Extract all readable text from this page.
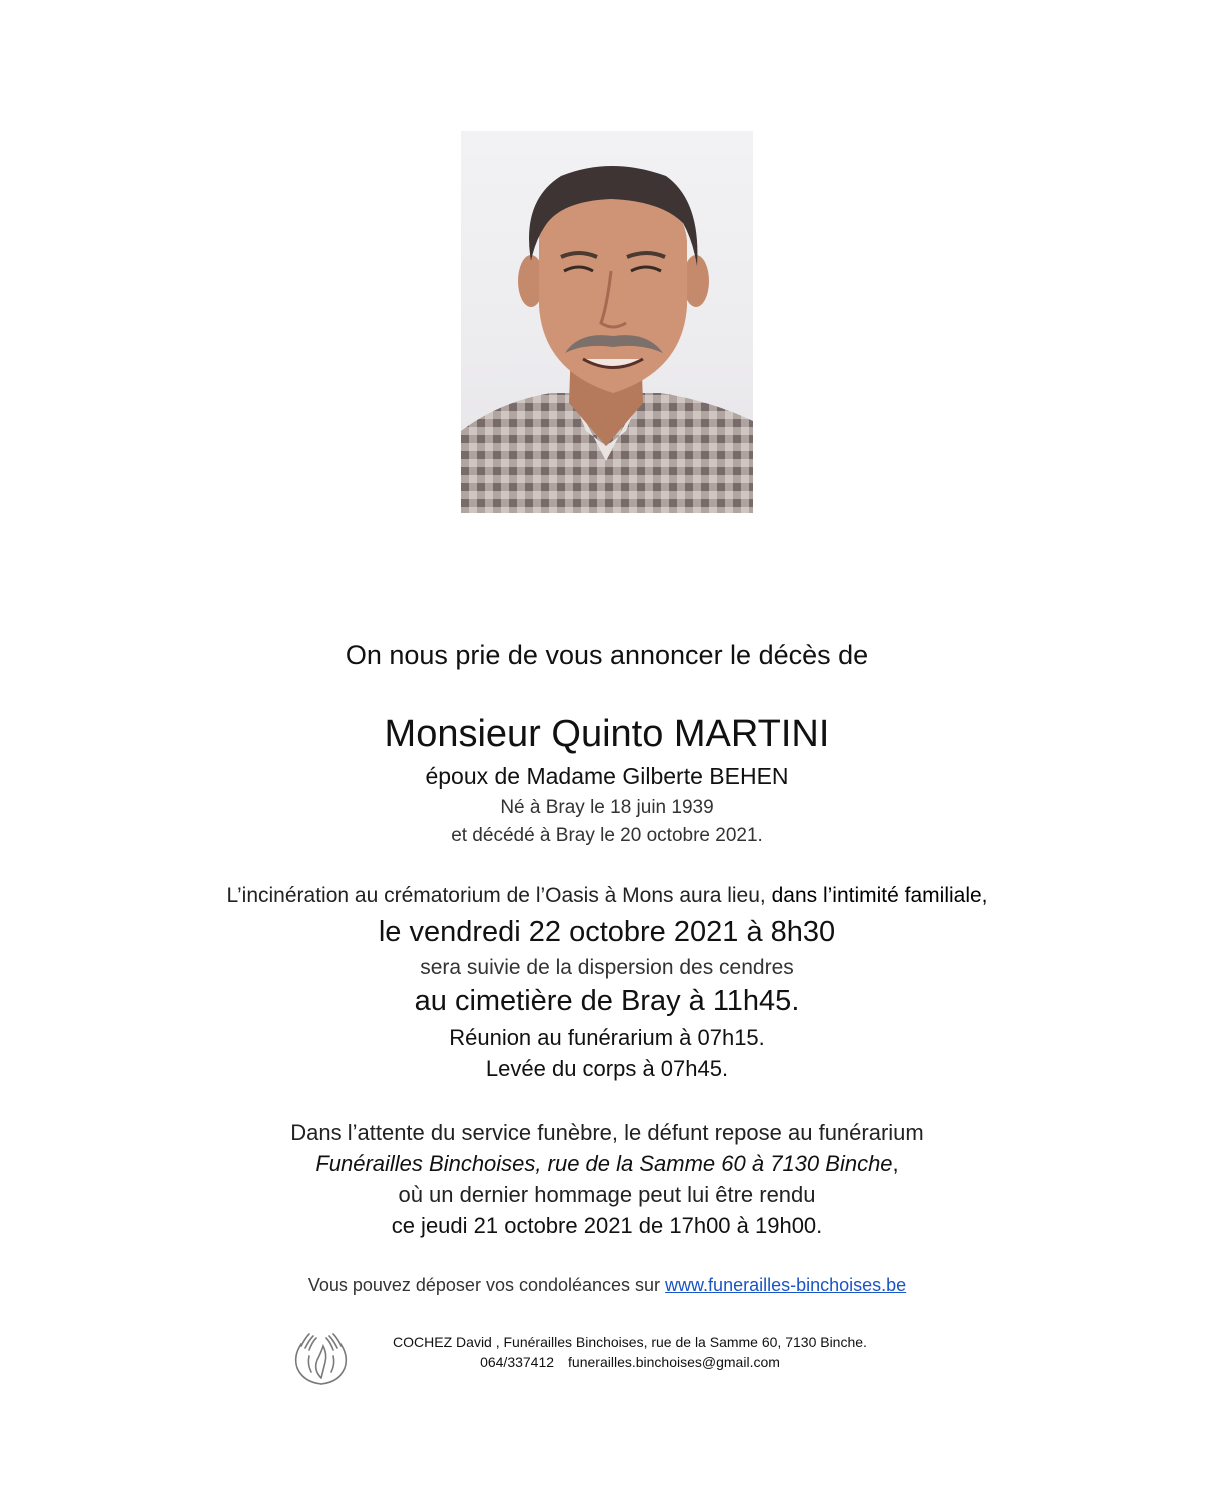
On nous prie de vous annoncer le décès de
Monsieur Quinto MARTINI
époux de Madame Gilberte BEHEN
Né à Bray le 18 juin 1939
et décédé à Bray le 20 octobre 2021.
L’incinération au crématorium de l’Oasis à Mons aura lieu, dans l’intimité familiale,
le vendredi 22 octobre 2021 à 8h30
sera suivie de la dispersion des cendres
au cimetière de Bray à 11h45.
Réunion au funérarium à 07h15.
Levée du corps à 07h45.
Dans l’attente du service funèbre, le défunt repose au funérarium
Funérailles Binchoises, rue de la Samme 60 à 7130 Binche,
où un dernier hommage peut lui être rendu
ce jeudi 21 octobre 2021 de 17h00 à 19h00.
Vous pouvez déposer vos condoléances sur www.funerailles-binchoises.be
COCHEZ David , Funérailles Binchoises, rue de la Samme 60, 7130 Binche.
064/337412 funerailles.binchoises@gmail.com
